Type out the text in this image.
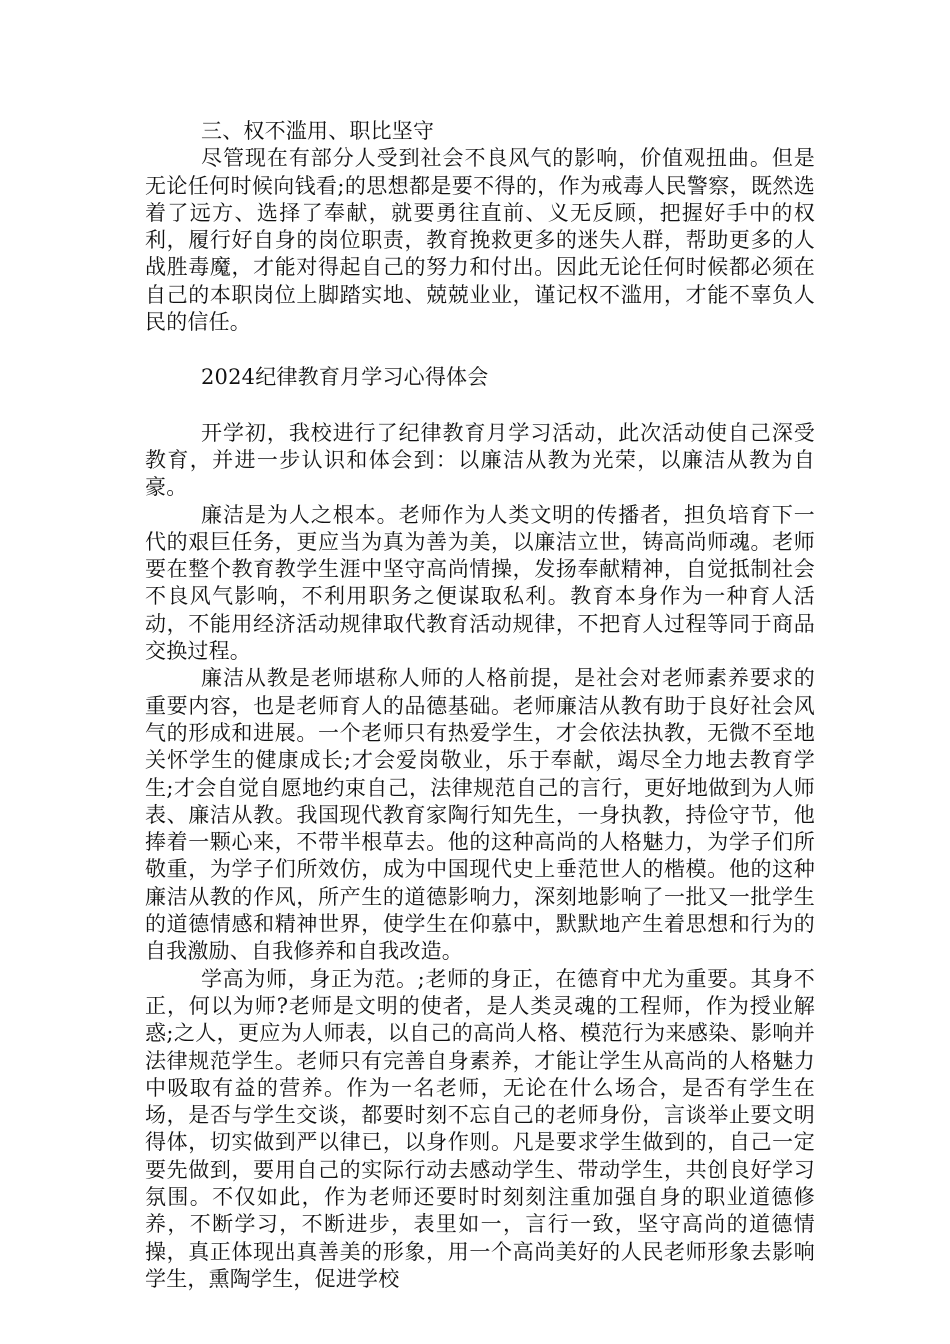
三、权不滥用、职比坚守

尽管现在有部分人受到社会不良风气的影响，价值观扭曲。但是无论任何时候向钱看;的思想都是要不得的，作为戒毒人民警察，既然选着了远方、选择了奉献，就要勇往直前、义无反顾，把握好手中的权利，履行好自身的岗位职责，教育挽救更多的迷失人群，帮助更多的人战胜毒魔，才能对得起自己的努力和付出。因此无论任何时候都必须在自己的本职岗位上脚踏实地、兢兢业业，谨记权不滥用，才能不辜负人民的信任。

2024纪律教育月学习心得体会

开学初，我校进行了纪律教育月学习活动，此次活动使自己深受教育，并进一步认识和体会到：以廉洁从教为光荣，以廉洁从教为自豪。

廉洁是为人之根本。老师作为人类文明的传播者，担负培育下一代的艰巨任务，更应当为真为善为美，以廉洁立世，铸高尚师魂。老师要在整个教育教学生涯中坚守高尚情操，发扬奉献精神，自觉抵制社会不良风气影响，不利用职务之便谋取私利。教育本身作为一种育人活动，不能用经济活动规律取代教育活动规律，不把育人过程等同于商品交换过程。

廉洁从教是老师堪称人师的人格前提，是社会对老师素养要求的重要内容，也是老师育人的品德基础。老师廉洁从教有助于良好社会风气的形成和进展。一个老师只有热爱学生，才会依法执教，无微不至地关怀学生的健康成长;才会爱岗敬业，乐于奉献，竭尽全力地去教育学生;才会自觉自愿地约束自己，法律规范自己的言行，更好地做到为人师表、廉洁从教。我国现代教育家陶行知先生，一身执教，持俭守节，他捧着一颗心来，不带半根草去。他的这种高尚的人格魅力，为学子们所敬重，为学子们所效仿，成为中国现代史上垂范世人的楷模。他的这种廉洁从教的作风，所产生的道德影响力，深刻地影响了一批又一批学生的道德情感和精神世界，使学生在仰慕中，默默地产生着思想和行为的自我激励、自我修养和自我改造。

学高为师，身正为范。;老师的身正，在德育中尤为重要。其身不正，何以为师?老师是文明的使者，是人类灵魂的工程师，作为授业解惑;之人，更应为人师表，以自己的高尚人格、模范行为来感染、影响并法律规范学生。老师只有完善自身素养，才能让学生从高尚的人格魅力中吸取有益的营养。作为一名老师，无论在什么场合，是否有学生在场，是否与学生交谈，都要时刻不忘自己的老师身份，言谈举止要文明得体，切实做到严以律已，以身作则。凡是要求学生做到的，自己一定要先做到，要用自己的实际行动去感动学生、带动学生，共创良好学习氛围。不仅如此，作为老师还要时时刻刻注重加强自身的职业道德修养，不断学习，不断进步，表里如一，言行一致，坚守高尚的道德情操，真正体现出真善美的形象，用一个高尚美好的人民老师形象去影响学生，熏陶学生，促进学校
